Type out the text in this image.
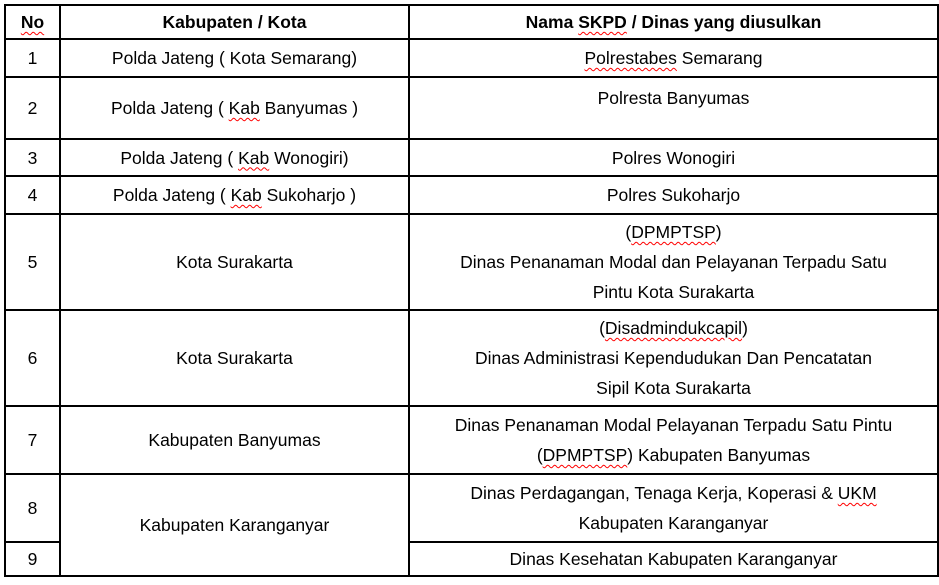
No	Kabupaten / Kota	Nama SKPD / Dinas yang diusulkan
1	Polda Jateng ( Kota Semarang)	Polrestabes Semarang
2	Polda Jateng ( Kab Banyumas )	Polresta Banyumas
3	Polda Jateng ( Kab Wonogiri)	Polres Wonogiri
4	Polda Jateng ( Kab Sukoharjo )	Polres Sukoharjo
5	Kota Surakarta	(DPMPTSP)
Dinas Penanaman Modal dan Pelayanan Terpadu Satu
Pintu Kota Surakarta

6	Kota Surakarta	(Disadmindukcapil)
Dinas Administrasi Kependudukan Dan Pencatatan
Sipil Kota Surakarta

7	Kabupaten Banyumas	Dinas Penanaman Modal Pelayanan Terpadu Satu Pintu
(DPMPTSP) Kabupaten Banyumas

8	Kabupaten Karanganyar	Dinas Perdagangan, Tenaga Kerja, Koperasi & UKM
Kabupaten Karanganyar

9		Dinas Kesehatan Kabupaten Karanganyar
